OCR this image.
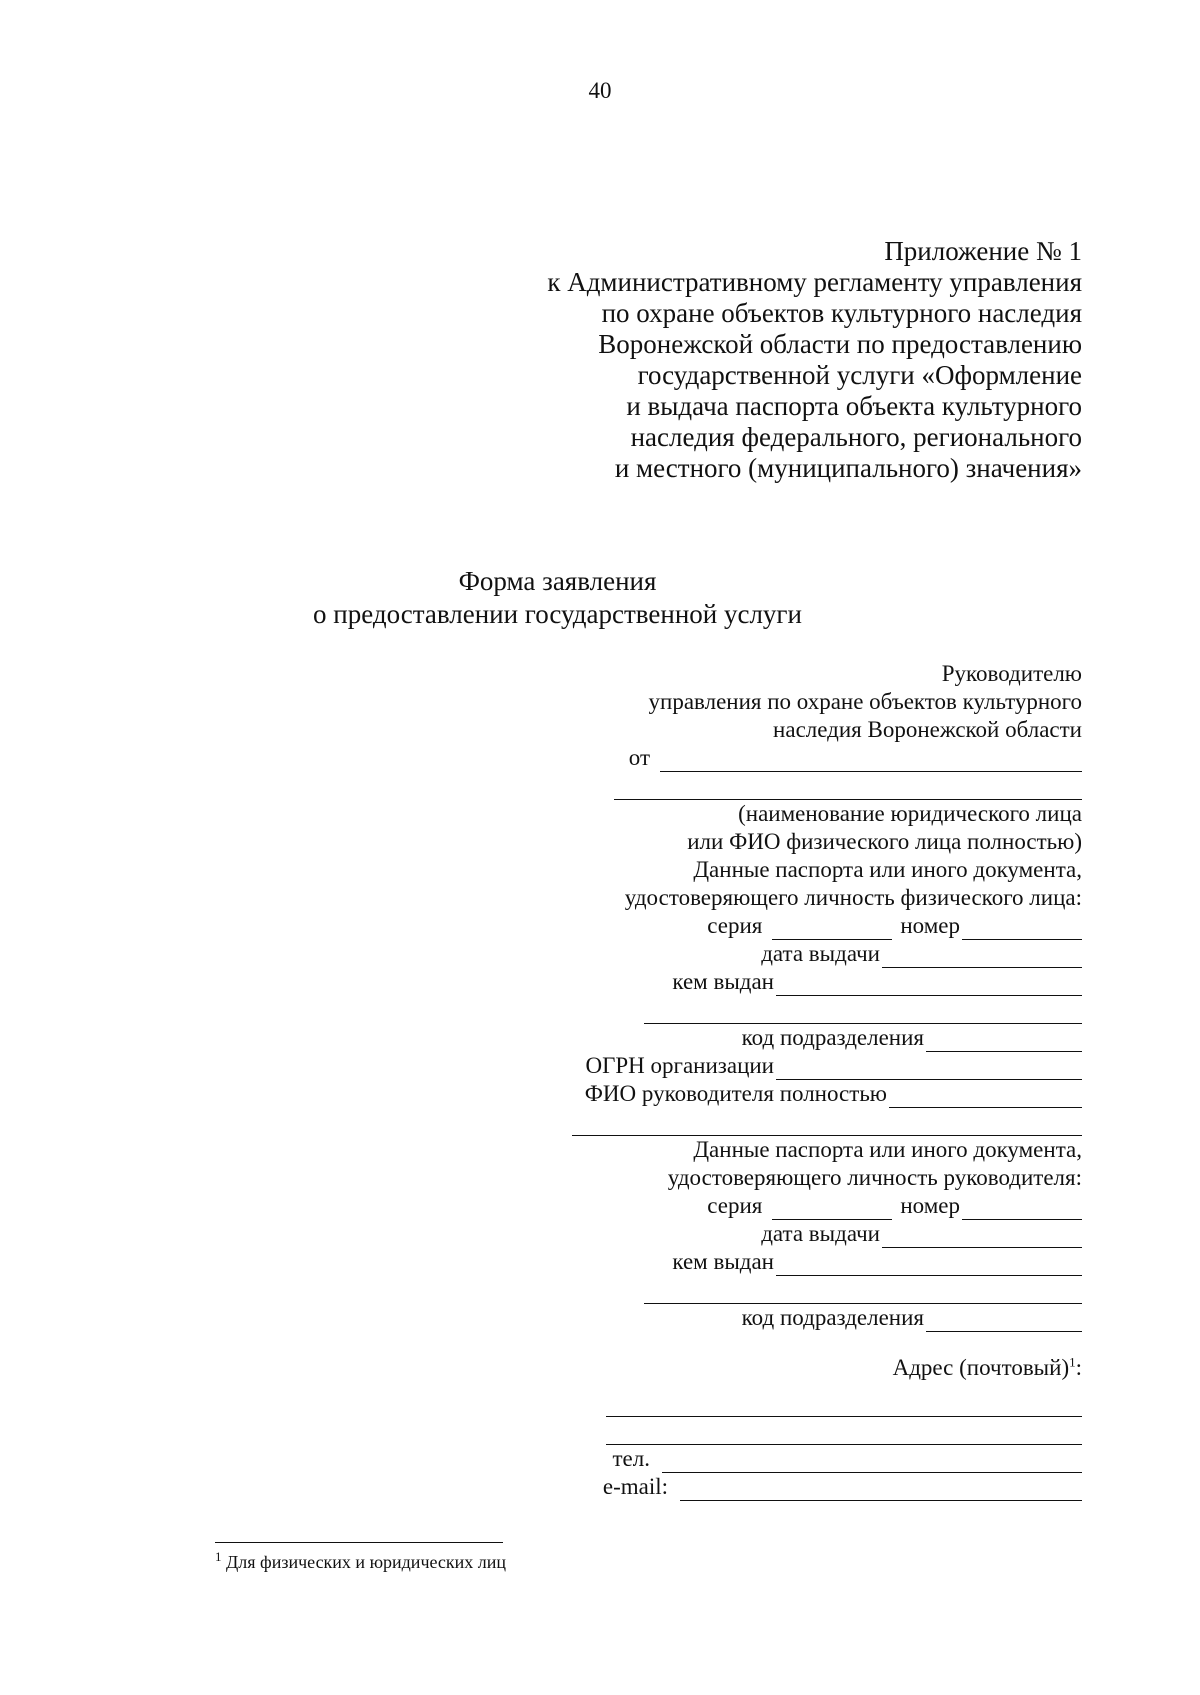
40
Приложение № 1
к Административному регламенту управления
по охране объектов культурного наследия
Воронежской области по предоставлению
государственной услуги «Оформление
и выдача паспорта объекта культурного
наследия федерального, регионального
и местного (муниципального) значения»
Форма заявления
о предоставлении государственной услуги
Руководителю
управления по охране объектов культурного
наследия Воронежской области
от
(наименование юридического лица
или ФИО физического лица полностью)
Данные паспорта или иного документа,
удостоверяющего личность физического лица:
серия	номер
дата выдачи
кем выдан
код подразделения
ОГРН организации
ФИО руководителя полностью
Данные паспорта или иного документа,
удостоверяющего личность руководителя:
серия	номер
дата выдачи
кем выдан
код подразделения
Адрес (почтовый)$^1$:
тел.
e-mail:
$^1$ Для физических и юридических лиц
